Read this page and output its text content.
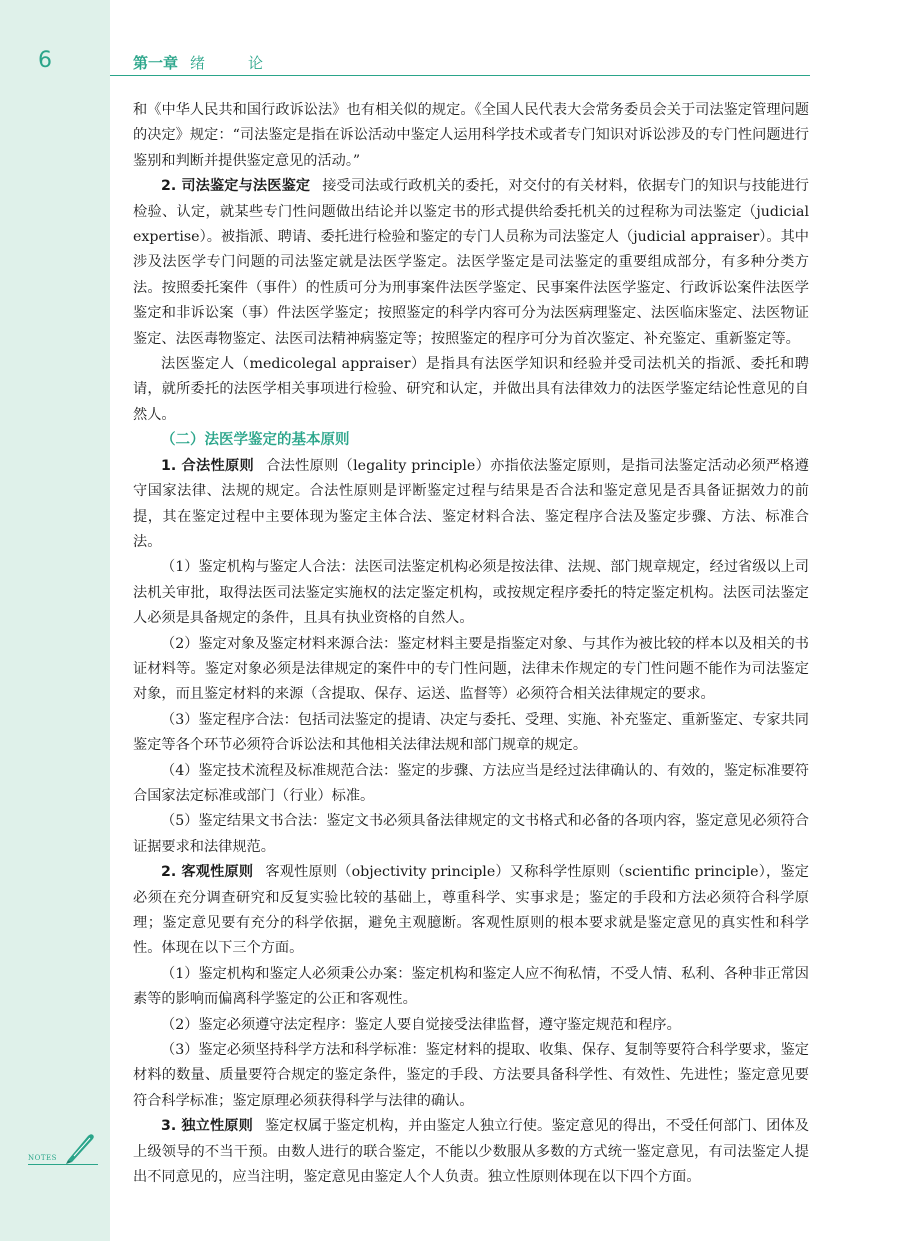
6	第一章 绪　论

和《中华人民共和国行政诉讼法》也有相关似的规定。《全国人民代表大会常务委员会关于司法鉴定管理问题的决定》规定：“司法鉴定是指在诉讼活动中鉴定人运用科学技术或者专门知识对诉讼涉及的专门性问题进行鉴别和判断并提供鉴定意见的活动。”

2. 司法鉴定与法医鉴定 接受司法或行政机关的委托，对交付的有关材料，依据专门的知识与技能进行检验、认定，就某些专门性问题做出结论并以鉴定书的形式提供给委托机关的过程称为司法鉴定（judicial expertise）。被指派、聘请、委托进行检验和鉴定的专门人员称为司法鉴定人（judicial appraiser）。其中涉及法医学专门问题的司法鉴定就是法医学鉴定。法医学鉴定是司法鉴定的重要组成部分，有多种分类方法。按照委托案件（事件）的性质可分为刑事案件法医学鉴定、民事案件法医学鉴定、行政诉讼案件法医学鉴定和非诉讼案（事）件法医学鉴定；按照鉴定的科学内容可分为法医病理鉴定、法医临床鉴定、法医物证鉴定、法医毒物鉴定、法医司法精神病鉴定等；按照鉴定的程序可分为首次鉴定、补充鉴定、重新鉴定等。

法医鉴定人（medicolegal appraiser）是指具有法医学知识和经验并受司法机关的指派、委托和聘请，就所委托的法医学相关事项进行检验、研究和认定，并做出具有法律效力的法医学鉴定结论性意见的自然人。

（二）法医学鉴定的基本原则

1. 合法性原则 合法性原则（legality principle）亦指依法鉴定原则，是指司法鉴定活动必须严格遵守国家法律、法规的规定。合法性原则是评断鉴定过程与结果是否合法和鉴定意见是否具备证据效力的前提，其在鉴定过程中主要体现为鉴定主体合法、鉴定材料合法、鉴定程序合法及鉴定步骤、方法、标准合法。

（1）鉴定机构与鉴定人合法：法医司法鉴定机构必须是按法律、法规、部门规章规定，经过省级以上司法机关审批，取得法医司法鉴定实施权的法定鉴定机构，或按规定程序委托的特定鉴定机构。法医司法鉴定人必须是具备规定的条件，且具有执业资格的自然人。

（2）鉴定对象及鉴定材料来源合法：鉴定材料主要是指鉴定对象、与其作为被比较的样本以及相关的书证材料等。鉴定对象必须是法律规定的案件中的专门性问题，法律未作规定的专门性问题不能作为司法鉴定对象，而且鉴定材料的来源（含提取、保存、运送、监督等）必须符合相关法律规定的要求。

（3）鉴定程序合法：包括司法鉴定的提请、决定与委托、受理、实施、补充鉴定、重新鉴定、专家共同鉴定等各个环节必须符合诉讼法和其他相关法律法规和部门规章的规定。

（4）鉴定技术流程及标准规范合法：鉴定的步骤、方法应当是经过法律确认的、有效的，鉴定标准要符合国家法定标准或部门（行业）标准。

（5）鉴定结果文书合法：鉴定文书必须具备法律规定的文书格式和必备的各项内容，鉴定意见必须符合证据要求和法律规范。

2. 客观性原则 客观性原则（objectivity principle）又称科学性原则（scientific principle），鉴定必须在充分调查研究和反复实验比较的基础上，尊重科学、实事求是；鉴定的手段和方法必须符合科学原理；鉴定意见要有充分的科学依据，避免主观臆断。客观性原则的根本要求就是鉴定意见的真实性和科学性。体现在以下三个方面。

（1）鉴定机构和鉴定人必须秉公办案：鉴定机构和鉴定人应不徇私情，不受人情、私利、各种非正常因素等的影响而偏离科学鉴定的公正和客观性。

（2）鉴定必须遵守法定程序：鉴定人要自觉接受法律监督，遵守鉴定规范和程序。

（3）鉴定必须坚持科学方法和科学标准：鉴定材料的提取、收集、保存、复制等要符合科学要求，鉴定材料的数量、质量要符合规定的鉴定条件，鉴定的手段、方法要具备科学性、有效性、先进性；鉴定意见要符合科学标准；鉴定原理必须获得科学与法律的确认。

3. 独立性原则 鉴定权属于鉴定机构，并由鉴定人独立行使。鉴定意见的得出，不受任何部门、团体及上级领导的不当干预。由数人进行的联合鉴定，不能以少数服从多数的方式统一鉴定意见，有司法鉴定人提出不同意见的，应当注明，鉴定意见由鉴定人个人负责。独立性原则体现在以下四个方面。

NOTES
